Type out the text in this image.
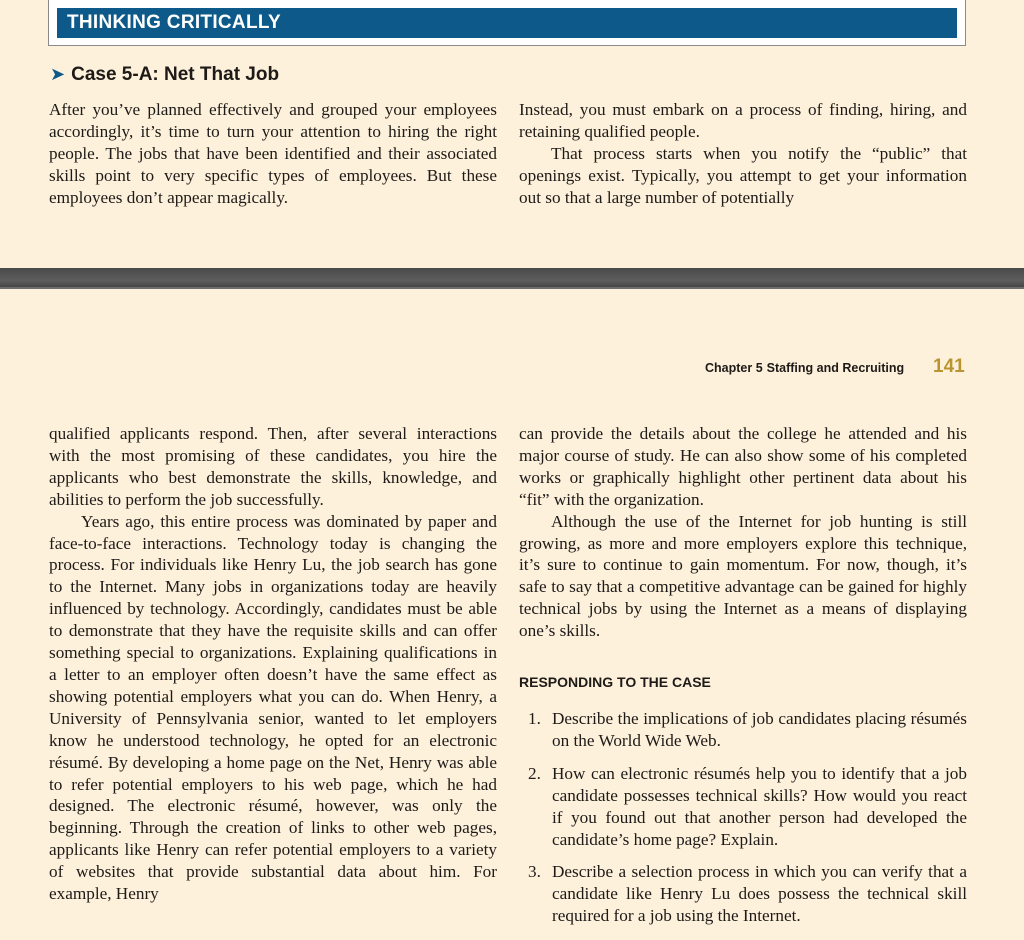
THINKING CRITICALLY
➤ Case 5-A: Net That Job

After you’ve planned effectively and grouped your employees accordingly, it’s time to turn your attention to hiring the right people. The jobs that have been identified and their associated skills point to very specific types of employees. But these employees don’t appear magically.

Instead, you must embark on a process of finding, hiring, and retaining qualified people.

That process starts when you notify the “public” that openings exist. Typically, you attempt to get your information out so that a large number of potentially

Chapter 5 Staffing and Recruiting 141

qualified applicants respond. Then, after several interactions with the most promising of these candidates, you hire the applicants who best demonstrate the skills, knowledge, and abilities to perform the job successfully.

Years ago, this entire process was dominated by paper and face-to-face interactions. Technology today is changing the process. For individuals like Henry Lu, the job search has gone to the Internet. Many jobs in organizations today are heavily influenced by technology. Accordingly, candidates must be able to demonstrate that they have the requisite skills and can offer something special to organizations. Explaining qualifications in a letter to an employer often doesn’t have the same effect as showing potential employers what you can do. When Henry, a University of Pennsylvania senior, wanted to let employers know he understood technology, he opted for an electronic résumé. By developing a home page on the Net, Henry was able to refer potential employers to his web page, which he had designed. The electronic résumé, however, was only the beginning. Through the creation of links to other web pages, applicants like Henry can refer potential employers to a variety of websites that provide substantial data about him. For example, Henry

can provide the details about the college he attended and his major course of study. He can also show some of his completed works or graphically highlight other pertinent data about his “fit” with the organization.

Although the use of the Internet for job hunting is still growing, as more and more employers explore this technique, it’s sure to continue to gain momentum. For now, though, it’s safe to say that a competitive advantage can be gained for highly technical jobs by using the Internet as a means of displaying one’s skills.

RESPONDING TO THE CASE

1. Describe the implications of job candidates placing résumés on the World Wide Web.
2. How can electronic résumés help you to identify that a job candidate possesses technical skills? How would you react if you found out that another person had developed the candidate’s home page? Explain.
3. Describe a selection process in which you can verify that a candidate like Henry Lu does possess the technical skill required for a job using the Internet.
